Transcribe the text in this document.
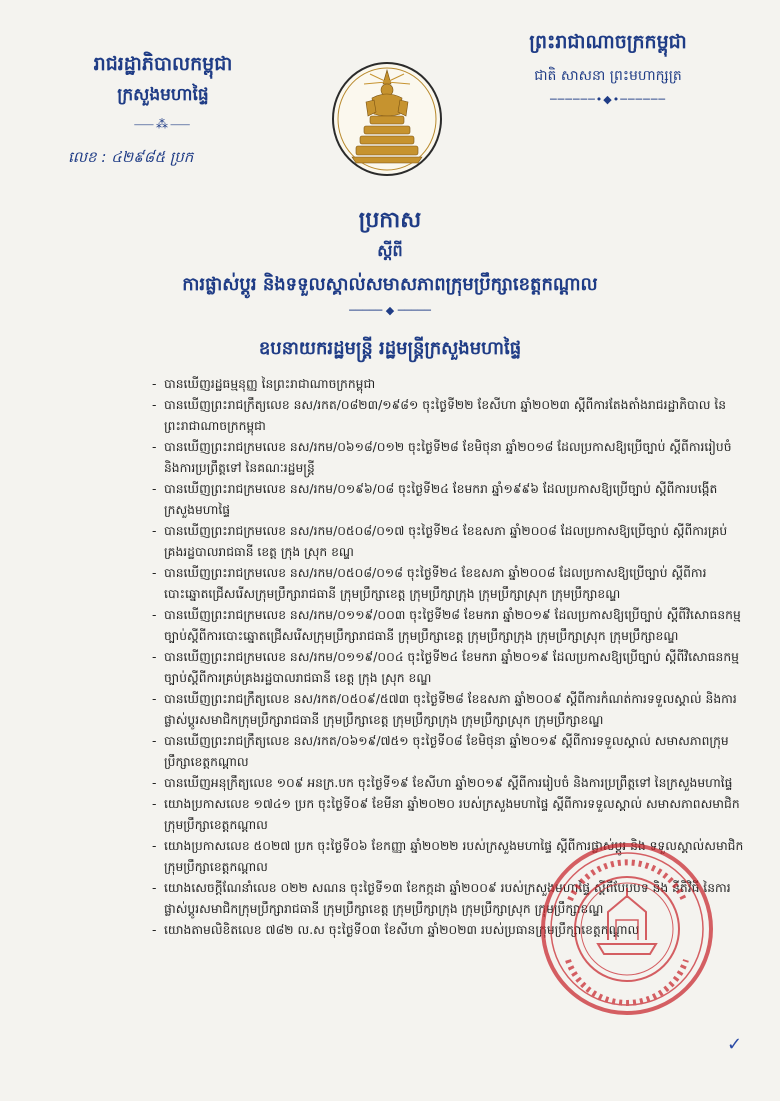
រាជរដ្ឋាភិបាលកម្ពុជា
ក្រសួងមហាផ្ទៃ
⸺⁂⸺
លេខ : ៤២៩៨៥ ប្រក
ព្រះរាជាណាចក្រកម្ពុជា
ជាតិ សាសនា ព្រះមហាក្សត្រ
──────•◆•──────
ប្រកាស
ស្តីពី
ការផ្លាស់ប្តូរ និងទទួលស្គាល់សមាសភាពក្រុមប្រឹក្សាខេត្តកណ្តាល
───── ◆ ─────
ឧបនាយករដ្ឋមន្ត្រី រដ្ឋមន្ត្រីក្រសួងមហាផ្ទៃ
- បានឃើញរដ្ឋធម្មនុញ្ញ នៃព្រះរាជាណាចក្រកម្ពុជា
- បានឃើញព្រះរាជក្រឹត្យលេខ នស/រកត/០៨២៣/១៩៨១ ចុះថ្ងៃទី២២ ខែសីហា ឆ្នាំ២០២៣ ស្តីពីការតែងតាំងរាជរដ្ឋាភិបាល នៃព្រះរាជាណាចក្រកម្ពុជា
- បានឃើញព្រះរាជក្រមលេខ នស/រកម/០៦១៨/០១២ ចុះថ្ងៃទី២៨ ខែមិថុនា ឆ្នាំ២០១៨ ដែលប្រកាសឱ្យប្រើច្បាប់ ស្តីពីការរៀបចំ និងការប្រព្រឹត្តទៅ នៃគណៈរដ្ឋមន្ត្រី
- បានឃើញព្រះរាជក្រមលេខ នស/រកម/០១៩៦/០៨ ចុះថ្ងៃទី២៤ ខែមករា ឆ្នាំ១៩៩៦ ដែលប្រកាសឱ្យប្រើច្បាប់ ស្តីពីការបង្កើតក្រសួងមហាផ្ទៃ
- បានឃើញព្រះរាជក្រមលេខ នស/រកម/០៥០៨/០១៧ ចុះថ្ងៃទី២៤ ខែឧសភា ឆ្នាំ២០០៨ ដែលប្រកាសឱ្យប្រើច្បាប់ ស្តីពីការគ្រប់គ្រងរដ្ឋបាលរាជធានី ខេត្ត ក្រុង ស្រុក ខណ្ឌ
- បានឃើញព្រះរាជក្រមលេខ នស/រកម/០៥០៨/០១៨ ចុះថ្ងៃទី២៤ ខែឧសភា ឆ្នាំ២០០៨ ដែលប្រកាសឱ្យប្រើច្បាប់ ស្តីពីការបោះឆ្នោតជ្រើសរើសក្រុមប្រឹក្សារាជធានី ក្រុមប្រឹក្សាខេត្ត ក្រុមប្រឹក្សាក្រុង ក្រុមប្រឹក្សាស្រុក ក្រុមប្រឹក្សាខណ្ឌ
- បានឃើញព្រះរាជក្រមលេខ នស/រកម/០១១៩/០០៣ ចុះថ្ងៃទី២៨ ខែមករា ឆ្នាំ២០១៩ ដែលប្រកាសឱ្យប្រើច្បាប់ ស្តីពីវិសោធនកម្មច្បាប់ស្តីពីការបោះឆ្នោតជ្រើសរើសក្រុមប្រឹក្សារាជធានី ក្រុមប្រឹក្សាខេត្ត ក្រុមប្រឹក្សាក្រុង ក្រុមប្រឹក្សាស្រុក ក្រុមប្រឹក្សាខណ្ឌ
- បានឃើញព្រះរាជក្រមលេខ នស/រកម/០១១៩/០០៤ ចុះថ្ងៃទី២៤ ខែមករា ឆ្នាំ២០១៩ ដែលប្រកាសឱ្យប្រើច្បាប់ ស្តីពីវិសោធនកម្មច្បាប់ស្តីពីការគ្រប់គ្រងរដ្ឋបាលរាជធានី ខេត្ត ក្រុង ស្រុក ខណ្ឌ
- បានឃើញព្រះរាជក្រឹត្យលេខ នស/រកត/០៥០៩/៥៧៣ ចុះថ្ងៃទី២៨ ខែឧសភា ឆ្នាំ២០០៩ ស្តីពីការកំណត់ការទទួលស្គាល់ និងការផ្លាស់ប្តូរសមាជិកក្រុមប្រឹក្សារាជធានី ក្រុមប្រឹក្សាខេត្ត ក្រុមប្រឹក្សាក្រុង ក្រុមប្រឹក្សាស្រុក ក្រុមប្រឹក្សាខណ្ឌ
- បានឃើញព្រះរាជក្រឹត្យលេខ នស/រកត/០៦១៩/៧៥១ ចុះថ្ងៃទី០៨ ខែមិថុនា ឆ្នាំ២០១៩ ស្តីពីការទទួលស្គាល់ សមាសភាពក្រុមប្រឹក្សាខេត្តកណ្តាល
- បានឃើញអនុក្រឹត្យលេខ ១០៩ អនក្រ.បក ចុះថ្ងៃទី១៩ ខែសីហា ឆ្នាំ២០១៩ ស្តីពីការរៀបចំ និងការប្រព្រឹត្តទៅ នៃក្រសួងមហាផ្ទៃ
- យោងប្រកាសលេខ ១៧៤១ ប្រក ចុះថ្ងៃទី០៩ ខែមីនា ឆ្នាំ២០២០ របស់ក្រសួងមហាផ្ទៃ ស្តីពីការទទួលស្គាល់ សមាសភាពសមាជិកក្រុមប្រឹក្សាខេត្តកណ្តាល
- យោងប្រកាសលេខ ៥០២៧ ប្រក ចុះថ្ងៃទី០៦ ខែកញ្ញា ឆ្នាំ២០២២ របស់ក្រសួងមហាផ្ទៃ ស្តីពីការផ្លាស់ប្តូរ និង ទទួលស្គាល់សមាជិកក្រុមប្រឹក្សាខេត្តកណ្តាល
- យោងសេចក្តីណែនាំលេខ ០២២ សណន ចុះថ្ងៃទី១៣ ខែកក្កដា ឆ្នាំ២០០៩ របស់ក្រសួងមហាផ្ទៃ ស្តីពីបែបបទ និង នីតិវិធី នៃការផ្លាស់ប្តូរសមាជិកក្រុមប្រឹក្សារាជធានី ក្រុមប្រឹក្សាខេត្ត ក្រុមប្រឹក្សាក្រុង ក្រុមប្រឹក្សាស្រុក ក្រុមប្រឹក្សាខណ្ឌ
- យោងតាមលិខិតលេខ ៧៨២ ល.ស ចុះថ្ងៃទី០៣ ខែសីហា ឆ្នាំ២០២៣ របស់ប្រធានក្រុមប្រឹក្សាខេត្តកណ្តាល
✓
